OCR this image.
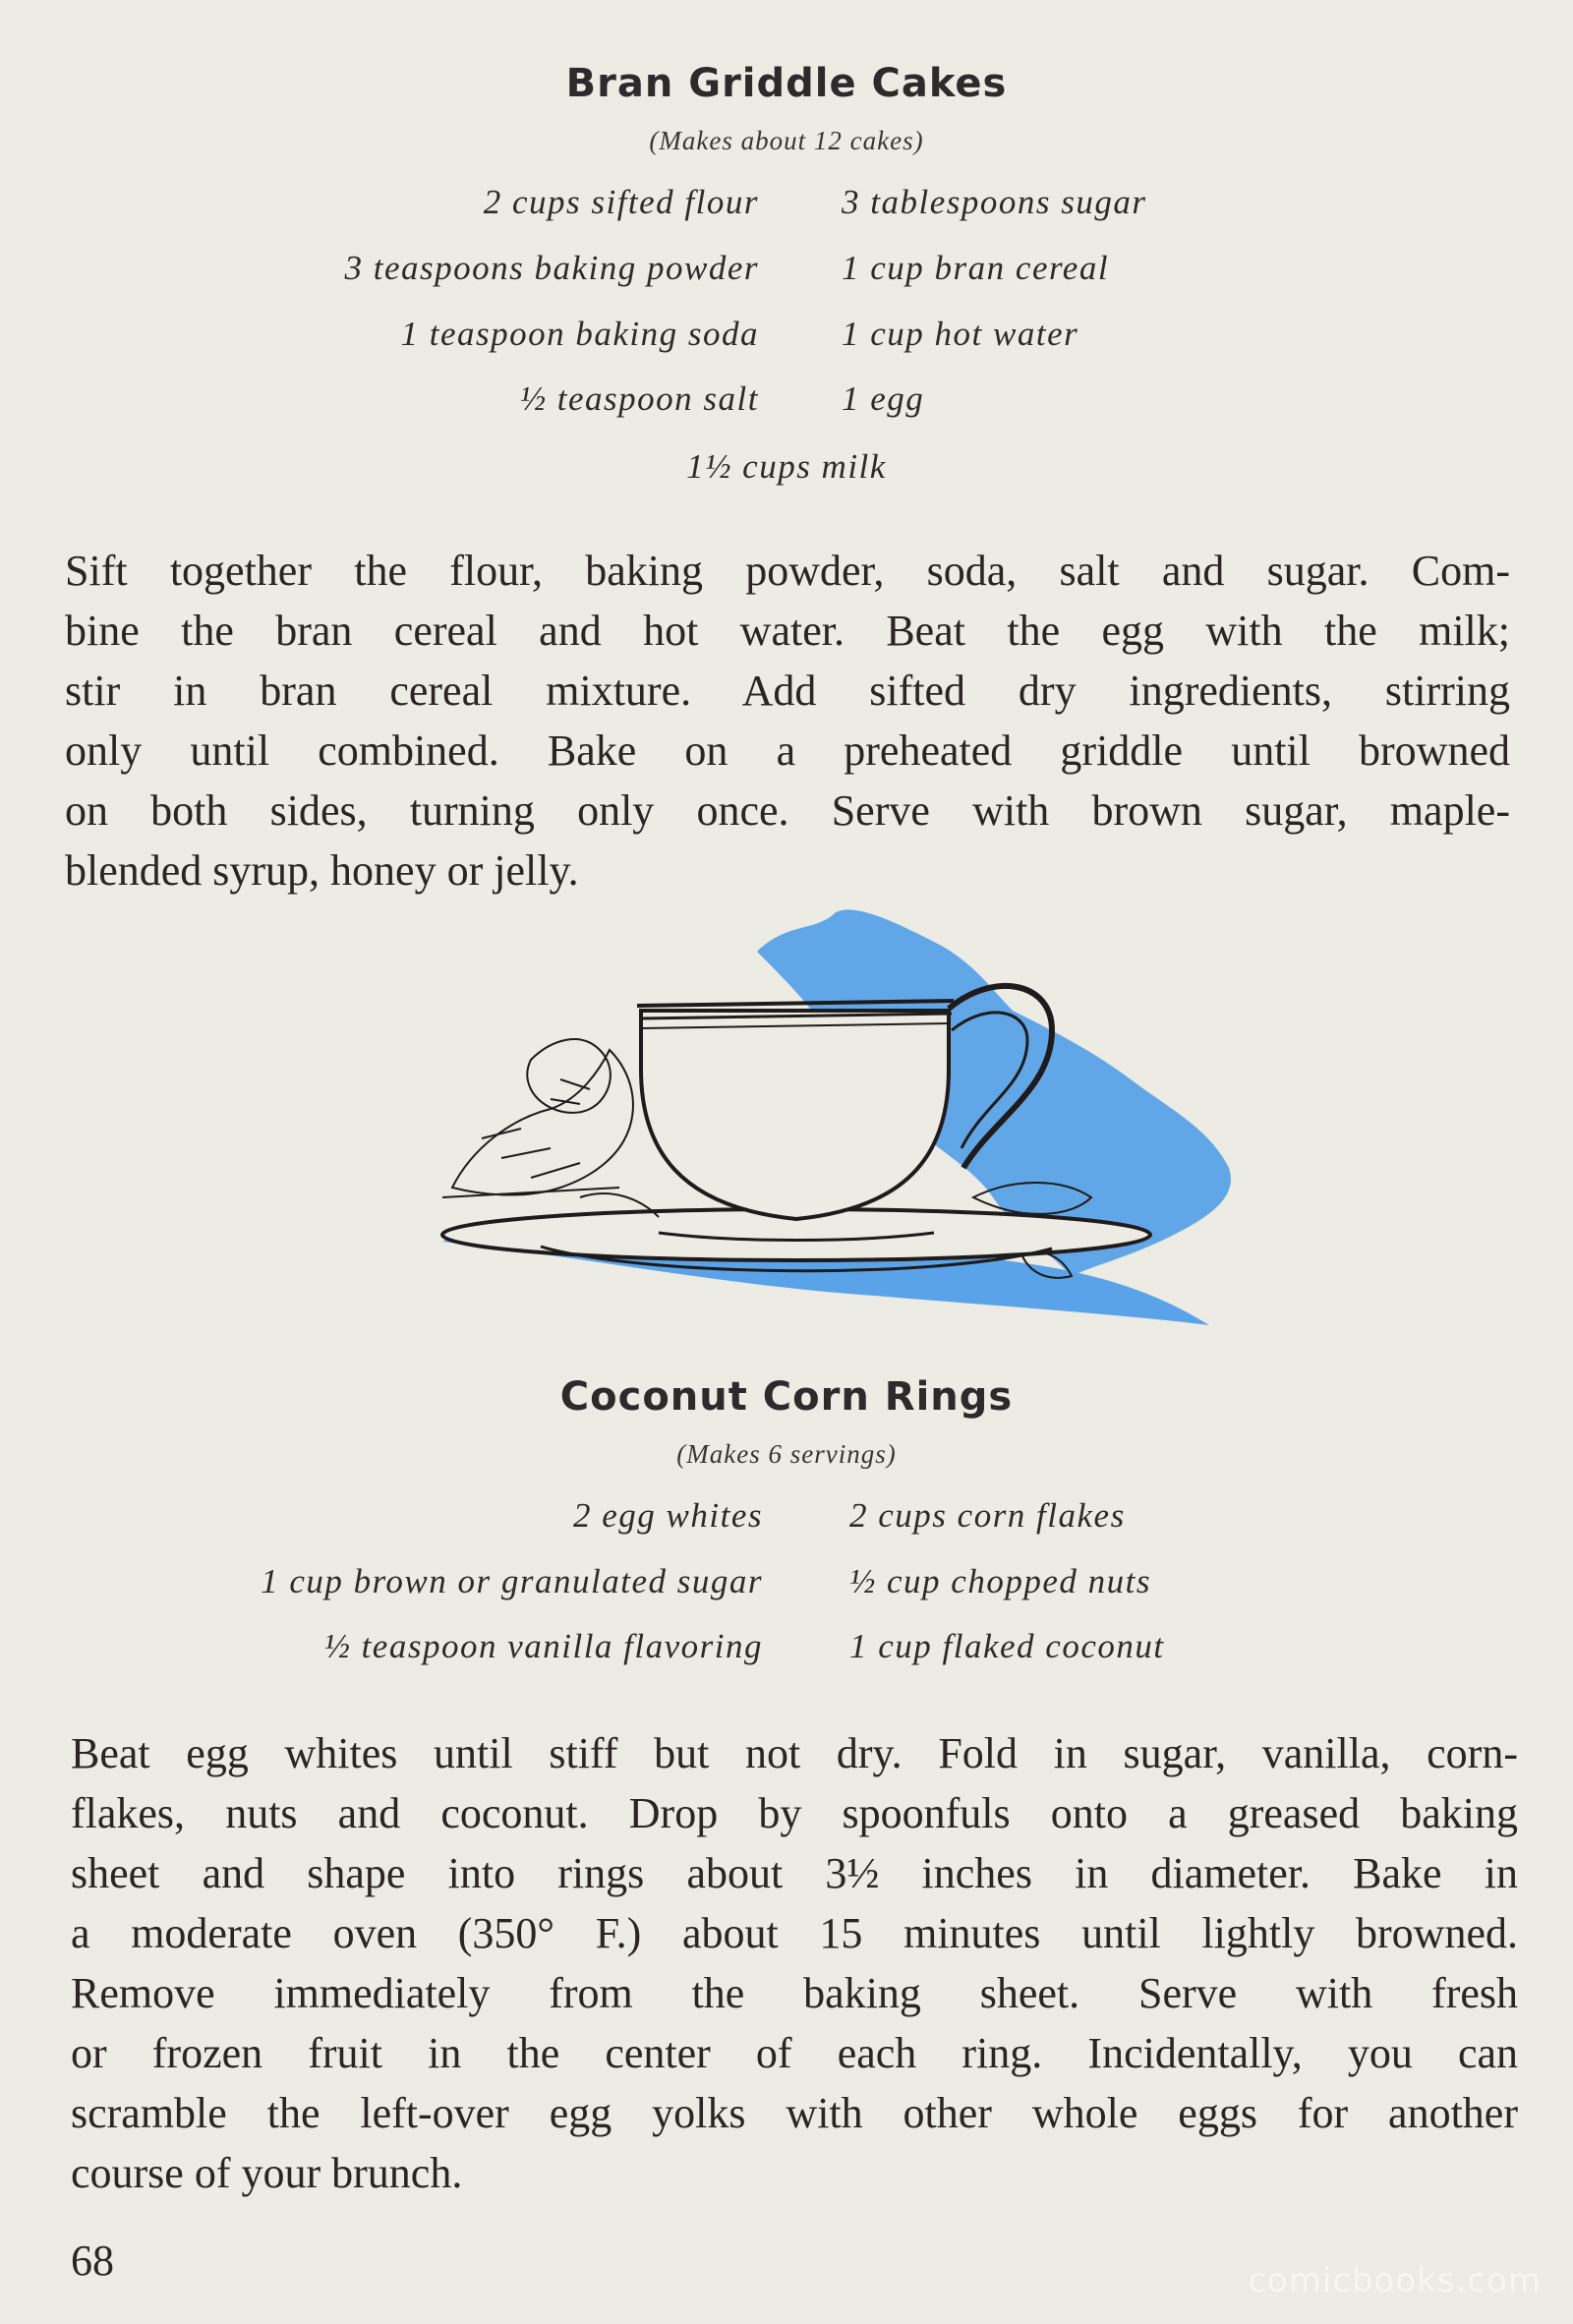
Bran Griddle Cakes
(Makes about 12 cakes)
2 cups sifted flour
3 teaspoons baking powder
1 teaspoon baking soda
½ teaspoon salt
3 tablespoons sugar
1 cup bran cereal
1 cup hot water
1 egg
1½ cups milk
Sift together the flour, baking powder, soda, salt and sugar. Com-
bine the bran cereal and hot water. Beat the egg with the milk;
stir in bran cereal mixture. Add sifted dry ingredients, stirring
only until combined. Bake on a preheated griddle until browned
on both sides, turning only once. Serve with brown sugar, maple-
blended syrup, honey or jelly.
Coconut Corn Rings
(Makes 6 servings)
2 egg whites
1 cup brown or granulated sugar
½ teaspoon vanilla flavoring
2 cups corn flakes
½ cup chopped nuts
1 cup flaked coconut
Beat egg whites until stiff but not dry. Fold in sugar, vanilla, corn-
flakes, nuts and coconut. Drop by spoonfuls onto a greased baking
sheet and shape into rings about 3½ inches in diameter. Bake in
a moderate oven (350° F.) about 15 minutes until lightly browned.
Remove immediately from the baking sheet. Serve with fresh
or frozen fruit in the center of each ring. Incidentally, you can
scramble the left-over egg yolks with other whole eggs for another
course of your brunch.
68	comicbooks.com
